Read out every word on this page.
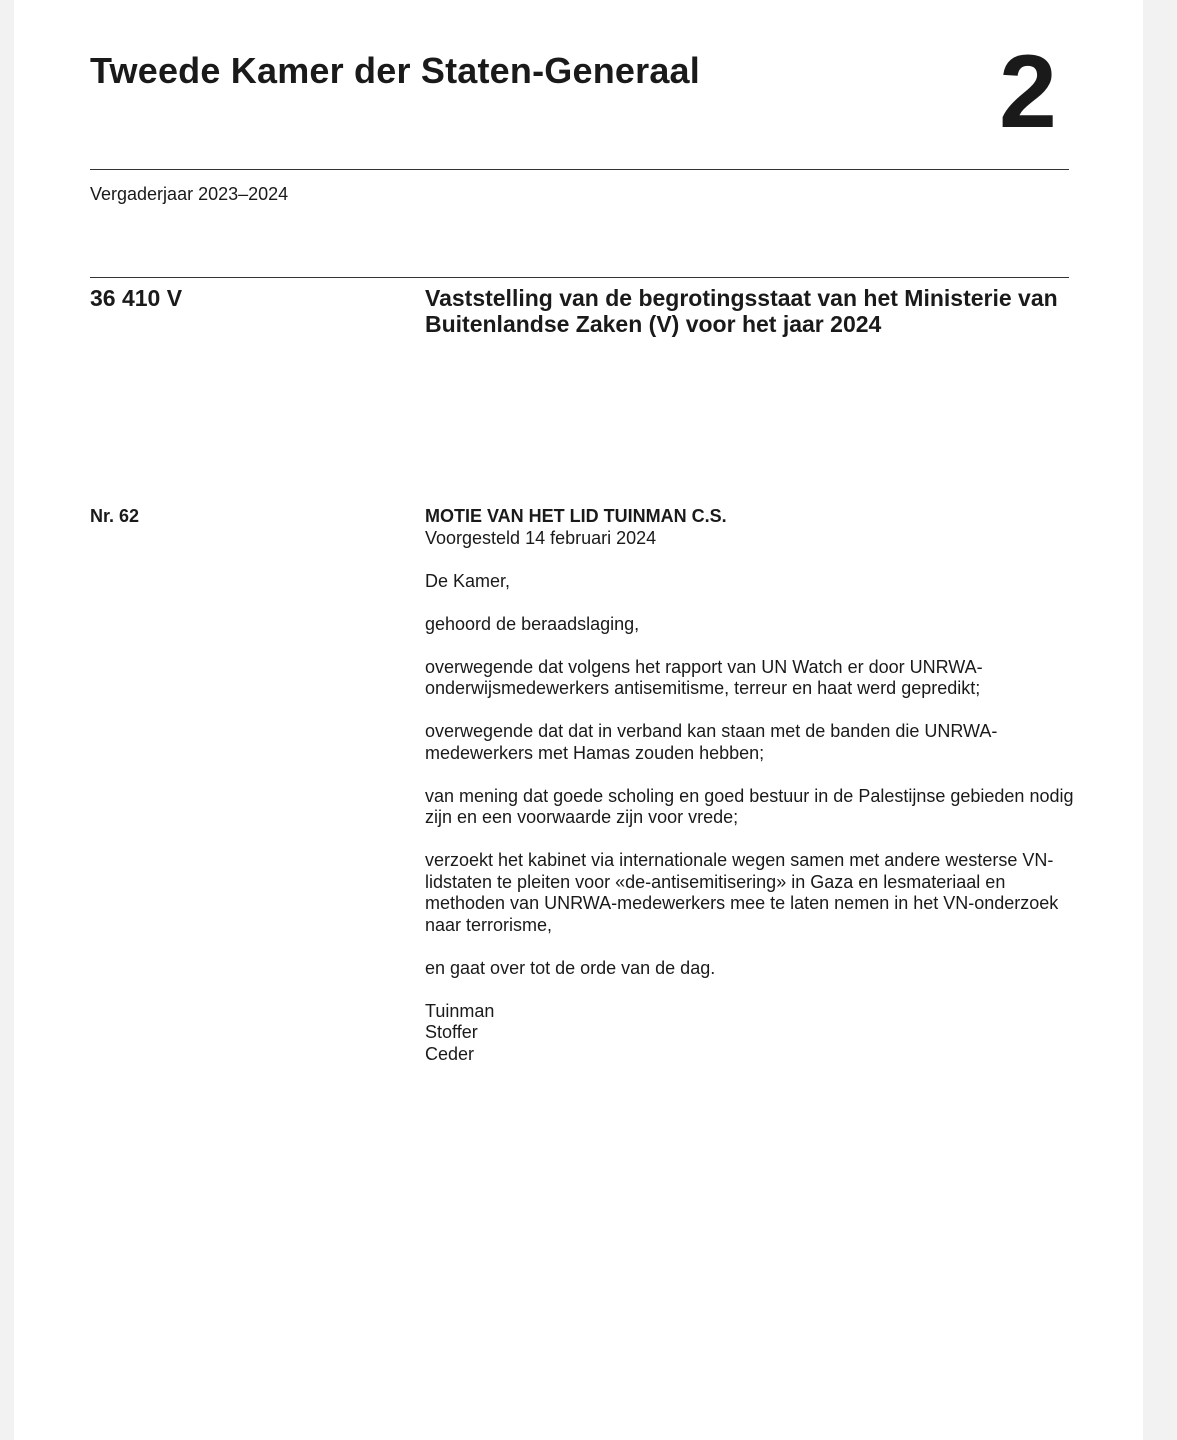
Tweede Kamer der Staten-Generaal	2
Vergaderjaar 2023–2024
36 410 V	Vaststelling van de begrotingsstaat van het Ministerie van Buitenlandse Zaken (V) voor het jaar 2024
Nr. 62	MOTIE VAN HET LID TUINMAN C.S.

Voorgesteld 14 februari 2024

De Kamer,

gehoord de beraadslaging,

overwegende dat volgens het rapport van UN Watch er door UNRWA-onderwijsmedewerkers antisemitisme, terreur en haat werd gepredikt;

overwegende dat dat in verband kan staan met de banden die UNRWA-medewerkers met Hamas zouden hebben;

van mening dat goede scholing en goed bestuur in de Palestijnse gebieden nodig zijn en een voorwaarde zijn voor vrede;

verzoekt het kabinet via internationale wegen samen met andere westerse VN-lidstaten te pleiten voor «de-antisemitisering» in Gaza en lesmateriaal en methoden van UNRWA-medewerkers mee te laten nemen in het VN-onderzoek naar terrorisme,

en gaat over tot de orde van de dag.

Tuinman
Stoffer
Ceder
